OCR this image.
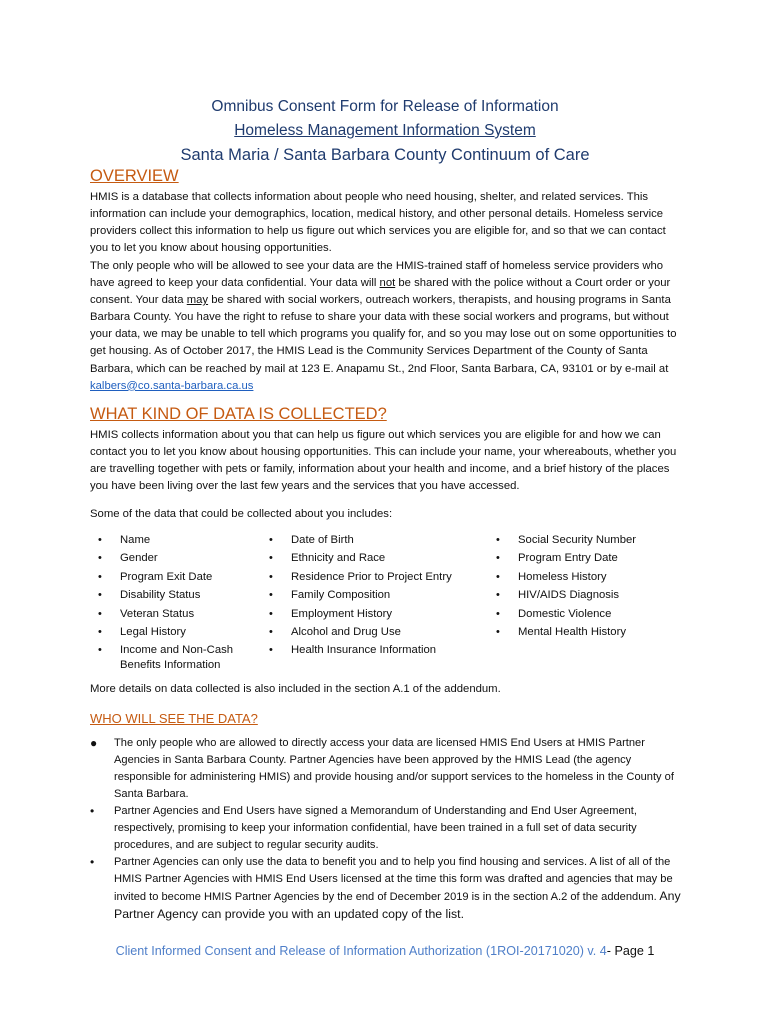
Omnibus Consent Form for Release of Information
Homeless Management Information System
Santa Maria / Santa Barbara County Continuum of Care
OVERVIEW

HMIS is a database that collects information about people who need housing, shelter, and related services. This information can include your demographics, location, medical history, and other personal details. Homeless service providers collect this information to help us figure out which services you are eligible for, and so that we can contact you to let you know about housing opportunities.

The only people who will be allowed to see your data are the HMIS-trained staff of homeless service providers who have agreed to keep your data confidential. Your data will not be shared with the police without a Court order or your consent. Your data may be shared with social workers, outreach workers, therapists, and housing programs in Santa Barbara County. You have the right to refuse to share your data with these social workers and programs, but without your data, we may be unable to tell which programs you qualify for, and so you may lose out on some opportunities to get housing. As of October 2017, the HMIS Lead is the Community Services Department of the County of Santa Barbara, which can be reached by mail at 123 E. Anapamu St., 2nd Floor, Santa Barbara, CA, 93101 or by e-mail at kalbers@co.santa-barbara.ca.us

WHAT KIND OF DATA IS COLLECTED?

HMIS collects information about you that can help us figure out which services you are eligible for and how we can contact you to let you know about housing opportunities. This can include your name, your whereabouts, whether you are travelling together with pets or family, information about your health and income, and a brief history of the places you have been living over the last few years and the services that you have accessed.

Some of the data that could be collected about you includes:

• Name
• Gender
• Program Exit Date
• Disability Status
• Veteran Status
• Legal History
• Income and Non-Cash Benefits Information
• Date of Birth
• Ethnicity and Race
• Residence Prior to Project Entry
• Family Composition
• Employment History
• Alcohol and Drug Use
• Health Insurance Information
• Social Security Number
• Program Entry Date
• Homeless History
• HIV/AIDS Diagnosis
• Domestic Violence
• Mental Health History

More details on data collected is also included in the section A.1 of the addendum.

WHO WILL SEE THE DATA?
● The only people who are allowed to directly access your data are licensed HMIS End Users at HMIS Partner Agencies in Santa Barbara County. Partner Agencies have been approved by the HMIS Lead (the agency responsible for administering HMIS) and provide housing and/or support services to the homeless in the County of Santa Barbara.
• Partner Agencies and End Users have signed a Memorandum of Understanding and End User Agreement, respectively, promising to keep your information confidential, have been trained in a full set of data security procedures, and are subject to regular security audits.
• Partner Agencies can only use the data to benefit you and to help you find housing and services. A list of all of the HMIS Partner Agencies with HMIS End Users licensed at the time this form was drafted and agencies that may be invited to become HMIS Partner Agencies by the end of December 2019 is in the section A.2 of the addendum. Any Partner Agency can provide you with an updated copy of the list.
Client Informed Consent and Release of Information Authorization (1ROI-20171020) v. 4- Page 1
